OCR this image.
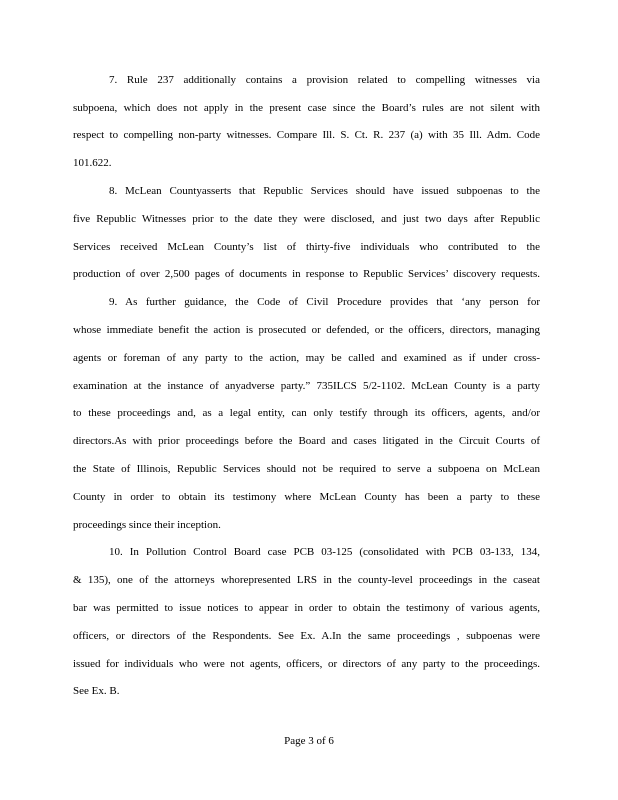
7. Rule 237 additionally contains a provision related to compelling witnesses via
subpoena, which does not apply in the present case since the Board’s rules are not silent with
respect to compelling non-party witnesses. Compare Ill. S. Ct. R. 237 (a) with 35 Ill. Adm. Code
101.622.
8. McLean Countyasserts that Republic Services should have issued subpoenas to the
five Republic Witnesses prior to the date they were disclosed, and just two days after Republic
Services received McLean County’s list of thirty-five individuals who contributed to the
production of over 2,500 pages of documents in response to Republic Services’ discovery requests.
9. As further guidance, the Code of Civil Procedure provides that ‘any person for
whose immediate benefit the action is prosecuted or defended, or the officers, directors, managing
agents or foreman of any party to the action, may be called and examined as if under cross-
examination at the instance of anyadverse party.” 735ILCS 5/2-1102. McLean County is a party
to these proceedings and, as a legal entity, can only testify through its officers, agents, and/or
directors.As with prior proceedings before the Board and cases litigated in the Circuit Courts of
the State of Illinois, Republic Services should not be required to serve a subpoena on McLean
County in order to obtain its testimony where McLean County has been a party to these
proceedings since their inception.
10. In Pollution Control Board case PCB 03-125 (consolidated with PCB 03-133, 134,
& 135), one of the attorneys whorepresented LRS in the county-level proceedings in the caseat
bar was permitted to issue notices to appear in order to obtain the testimony of various agents,
officers, or directors of the Respondents. See Ex. A.In the same proceedings , subpoenas were
issued for individuals who were not agents, officers, or directors of any party to the proceedings.
See Ex. B.
Page 3 of 6
